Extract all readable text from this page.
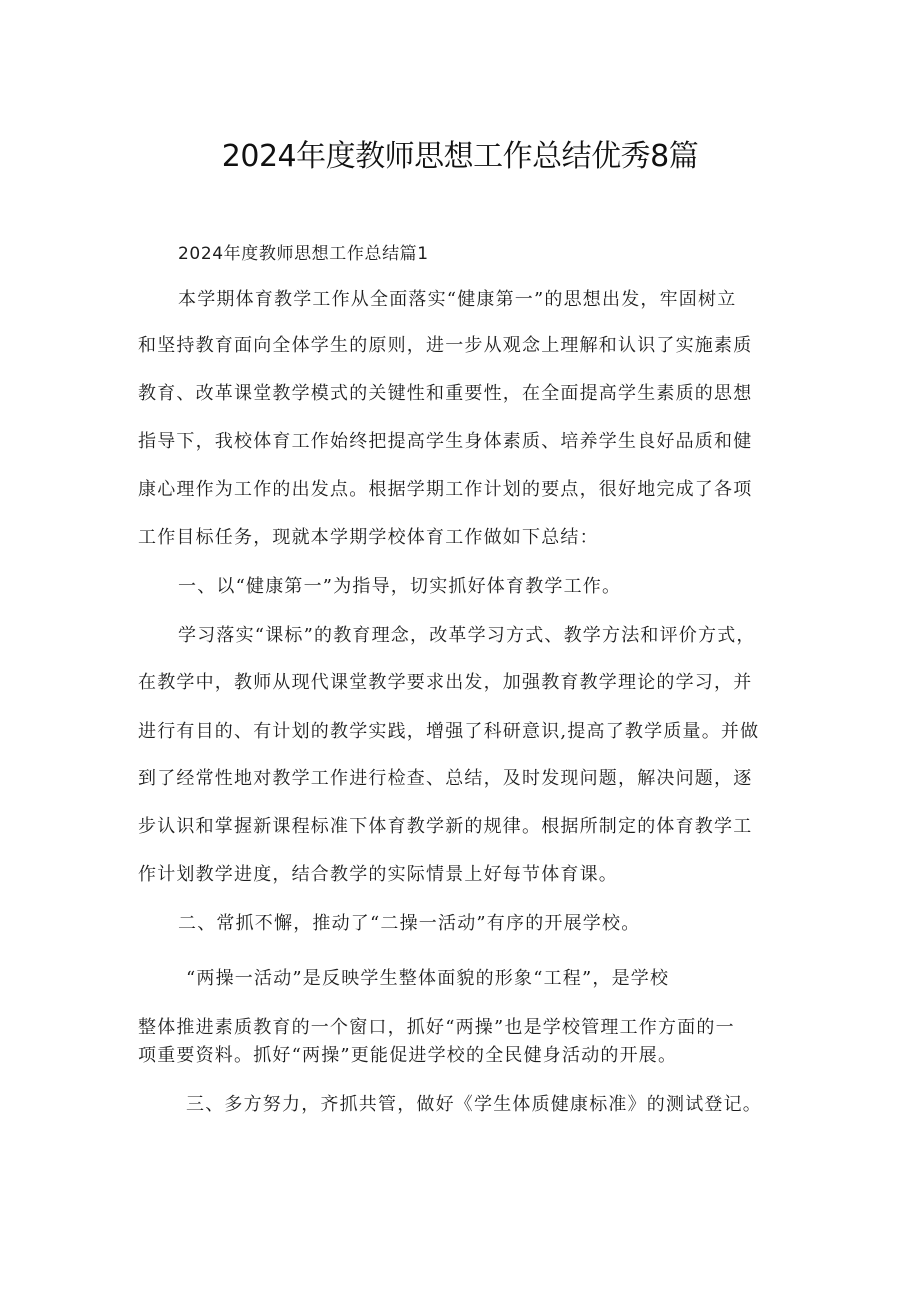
2024年度教师思想工作总结优秀8篇
2024年度教师思想工作总结篇1
本学期体育教学工作从全面落实“健康第一”的思想出发，牢固树立
和坚持教育面向全体学生的原则，进一步从观念上理解和认识了实施素质
教育、改革课堂教学模式的关键性和重要性，在全面提高学生素质的思想
指导下，我校体育工作始终把提高学生身体素质、培养学生良好品质和健
康心理作为工作的出发点。根据学期工作计划的要点，很好地完成了各项
工作目标任务，现就本学期学校体育工作做如下总结：
一、以“健康第一”为指导，切实抓好体育教学工作。
学习落实“课标”的教育理念，改革学习方式、教学方法和评价方式，
在教学中，教师从现代课堂教学要求出发，加强教育教学理论的学习，并
进行有目的、有计划的教学实践，增强了科研意识,提高了教学质量。并做
到了经常性地对教学工作进行检查、总结，及时发现问题，解决问题，逐
步认识和掌握新课程标准下体育教学新的规律。根据所制定的体育教学工
作计划教学进度，结合教学的实际情景上好每节体育课。
二、常抓不懈，推动了“二操一活动”有序的开展学校。
“两操一活动”是反映学生整体面貌的形象“工程”，是学校
整体推进素质教育的一个窗口，抓好“两操”也是学校管理工作方面的一
项重要资料。抓好“两操”更能促进学校的全民健身活动的开展。
三、多方努力，齐抓共管，做好《学生体质健康标准》的测试登记。
